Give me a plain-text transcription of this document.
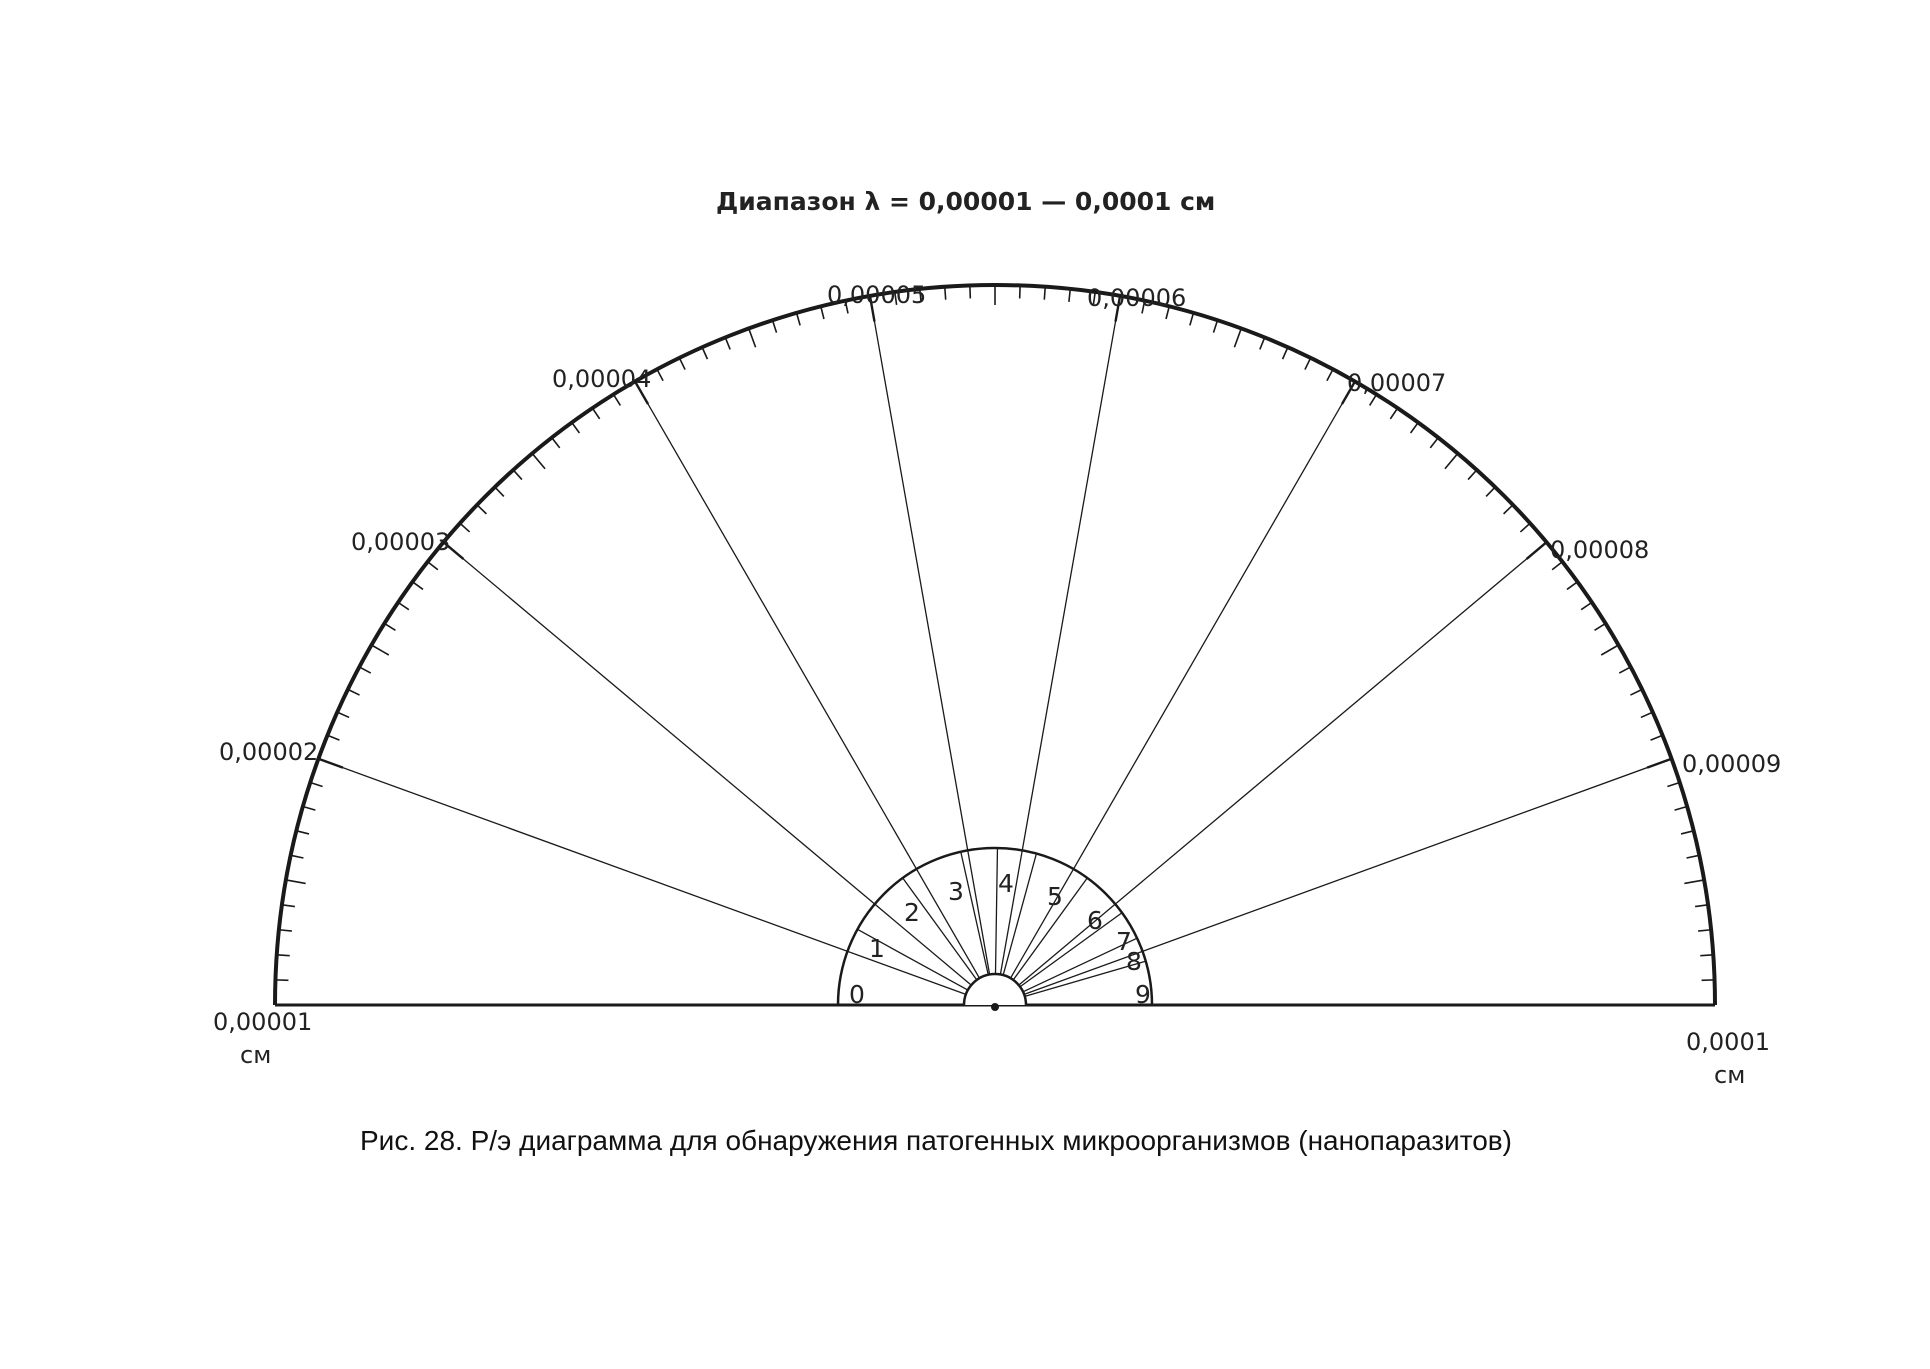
Диапазон λ = 0,00001 — 0,0001 см
0,00001
см	0,0001
см
0,00002
0,00003
0,00004
0,00005	0,00006
0,00007
0,00008
0,00009
0
1
2
3 4 5
6
7
8
9
Рис. 28. Р/э диаграмма для обнаружения патогенных микроорганизмов (нанопаразитов)
